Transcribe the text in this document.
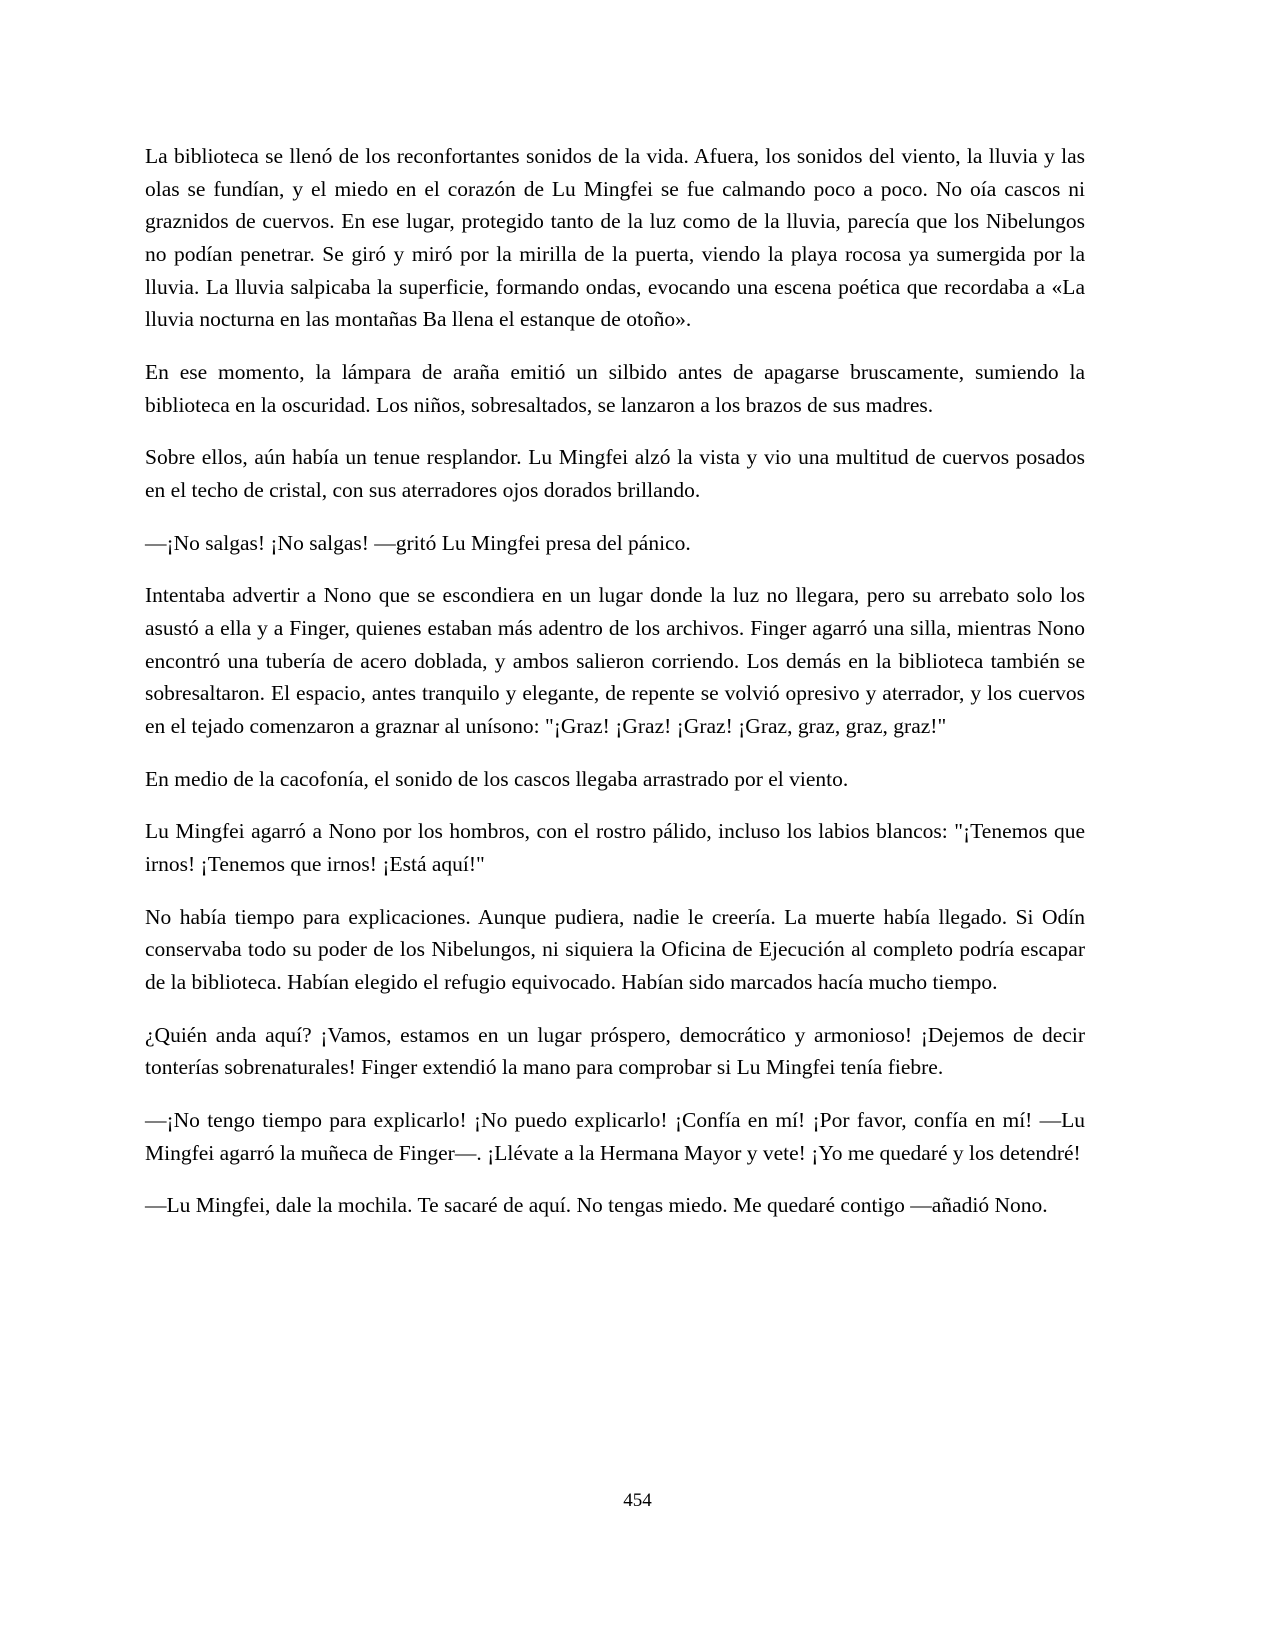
La biblioteca se llenó de los reconfortantes sonidos de la vida. Afuera, los sonidos del viento, la lluvia y las olas se fundían, y el miedo en el corazón de Lu Mingfei se fue calmando poco a poco. No oía cascos ni graznidos de cuervos. En ese lugar, protegido tanto de la luz como de la lluvia, parecía que los Nibelungos no podían penetrar. Se giró y miró por la mirilla de la puerta, viendo la playa rocosa ya sumergida por la lluvia. La lluvia salpicaba la superficie, formando ondas, evocando una escena poética que recordaba a «La lluvia nocturna en las montañas Ba llena el estanque de otoño».

En ese momento, la lámpara de araña emitió un silbido antes de apagarse bruscamente, sumiendo la biblioteca en la oscuridad. Los niños, sobresaltados, se lanzaron a los brazos de sus madres.

Sobre ellos, aún había un tenue resplandor. Lu Mingfei alzó la vista y vio una multitud de cuervos posados en el techo de cristal, con sus aterradores ojos dorados brillando.

—¡No salgas! ¡No salgas! —gritó Lu Mingfei presa del pánico.

Intentaba advertir a Nono que se escondiera en un lugar donde la luz no llegara, pero su arrebato solo los asustó a ella y a Finger, quienes estaban más adentro de los archivos. Finger agarró una silla, mientras Nono encontró una tubería de acero doblada, y ambos salieron corriendo. Los demás en la biblioteca también se sobresaltaron. El espacio, antes tranquilo y elegante, de repente se volvió opresivo y aterrador, y los cuervos en el tejado comenzaron a graznar al unísono: "¡Graz! ¡Graz! ¡Graz! ¡Graz, graz, graz, graz!"

En medio de la cacofonía, el sonido de los cascos llegaba arrastrado por el viento.

Lu Mingfei agarró a Nono por los hombros, con el rostro pálido, incluso los labios blancos: "¡Tenemos que irnos! ¡Tenemos que irnos! ¡Está aquí!"

No había tiempo para explicaciones. Aunque pudiera, nadie le creería. La muerte había llegado. Si Odín conservaba todo su poder de los Nibelungos, ni siquiera la Oficina de Ejecución al completo podría escapar de la biblioteca. Habían elegido el refugio equivocado. Habían sido marcados hacía mucho tiempo.

¿Quién anda aquí? ¡Vamos, estamos en un lugar próspero, democrático y armonioso! ¡Dejemos de decir tonterías sobrenaturales! Finger extendió la mano para comprobar si Lu Mingfei tenía fiebre.

—¡No tengo tiempo para explicarlo! ¡No puedo explicarlo! ¡Confía en mí! ¡Por favor, confía en mí! —Lu Mingfei agarró la muñeca de Finger—. ¡Llévate a la Hermana Mayor y vete! ¡Yo me quedaré y los detendré!

—Lu Mingfei, dale la mochila. Te sacaré de aquí. No tengas miedo. Me quedaré contigo —añadió Nono.

454
